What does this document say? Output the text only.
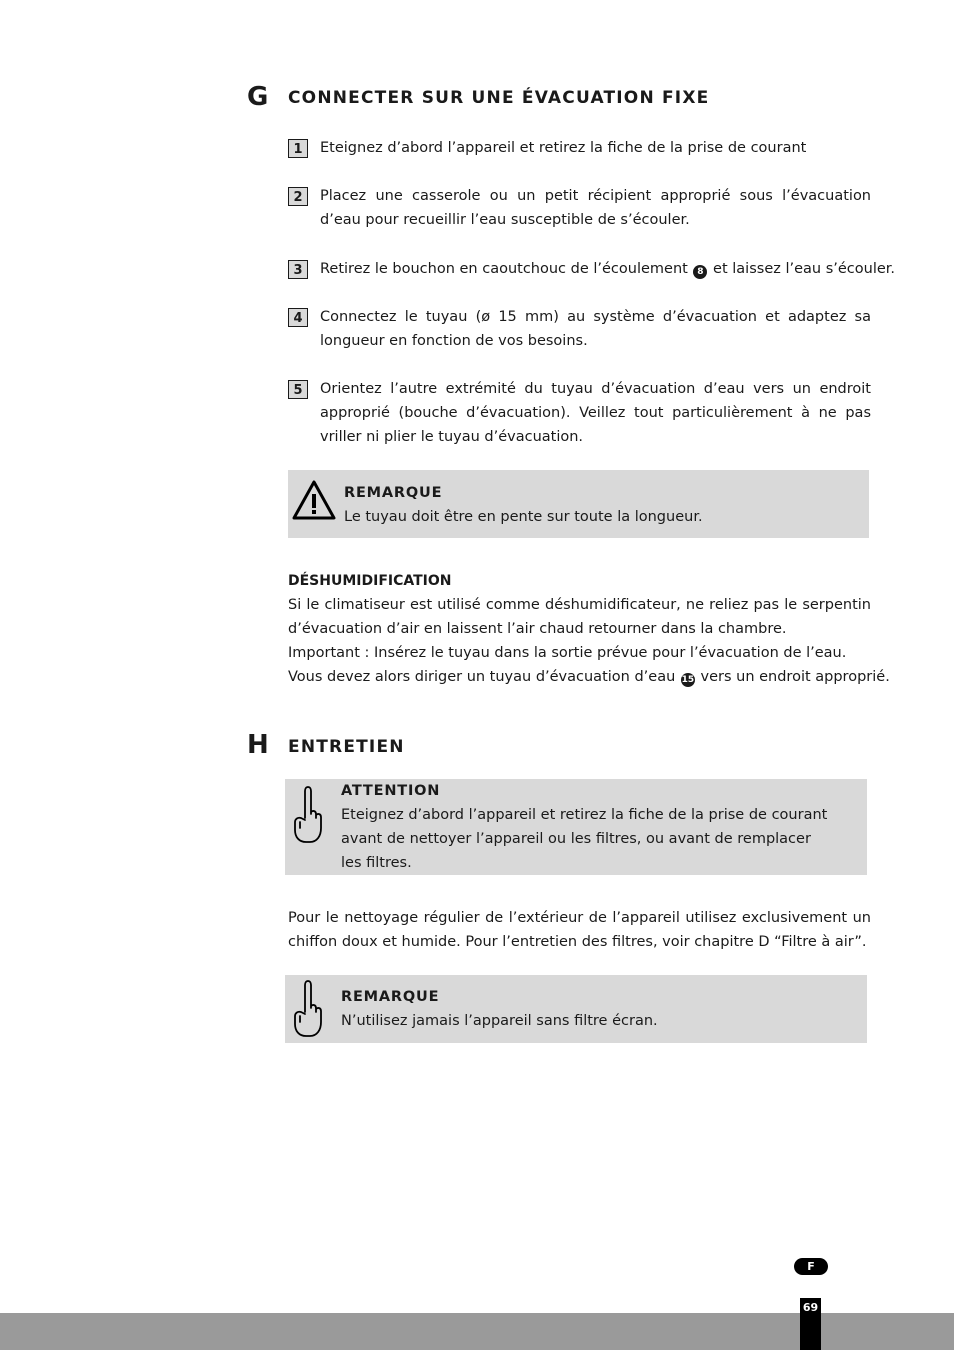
G CONNECTER SUR UNE ÉVACUATION FIXE
1	Eteignez d’abord l’appareil et retirez la fiche de la prise de courant
2	Placez une casserole ou un petit récipient approprié sous l’évacuation d’eau pour recueillir l’eau susceptible de s’écouler.
3	Retirez le bouchon en caoutchouc de l’écoulement 8 et laissez l’eau s’écouler.
4	Connectez le tuyau (ø 15 mm) au système d’évacuation et adaptez sa longueur en fonction de vos besoins.
5	Orientez l’autre extrémité du tuyau d’évacuation d’eau vers un endroit approprié (bouche d’évacuation). Veillez tout particulièrement à ne pas vriller ni plier le tuyau d’évacuation.
REMARQUE
Le tuyau doit être en pente sur toute la longueur.
DÉSHUMIDIFICATION
Si le climatiseur est utilisé comme déshumidificateur, ne reliez pas le serpentin d’évacuation d’air en laissent l’air chaud retourner dans la chambre.
Important : Insérez le tuyau dans la sortie prévue pour l’évacuation de l’eau.
Vous devez alors diriger un tuyau d’évacuation d’eau 15 vers un endroit approprié.
H ENTRETIEN
ATTENTION
Eteignez d’abord l’appareil et retirez la fiche de la prise de courant avant de nettoyer l’appareil ou les filtres, ou avant de remplacer les filtres.
Pour le nettoyage régulier de l’extérieur de l’appareil utilisez exclusivement un chiffon doux et humide. Pour l’entretien des filtres, voir chapitre D “Filtre à air”.
REMARQUE
N’utilisez jamais l’appareil sans filtre écran.
F
69
